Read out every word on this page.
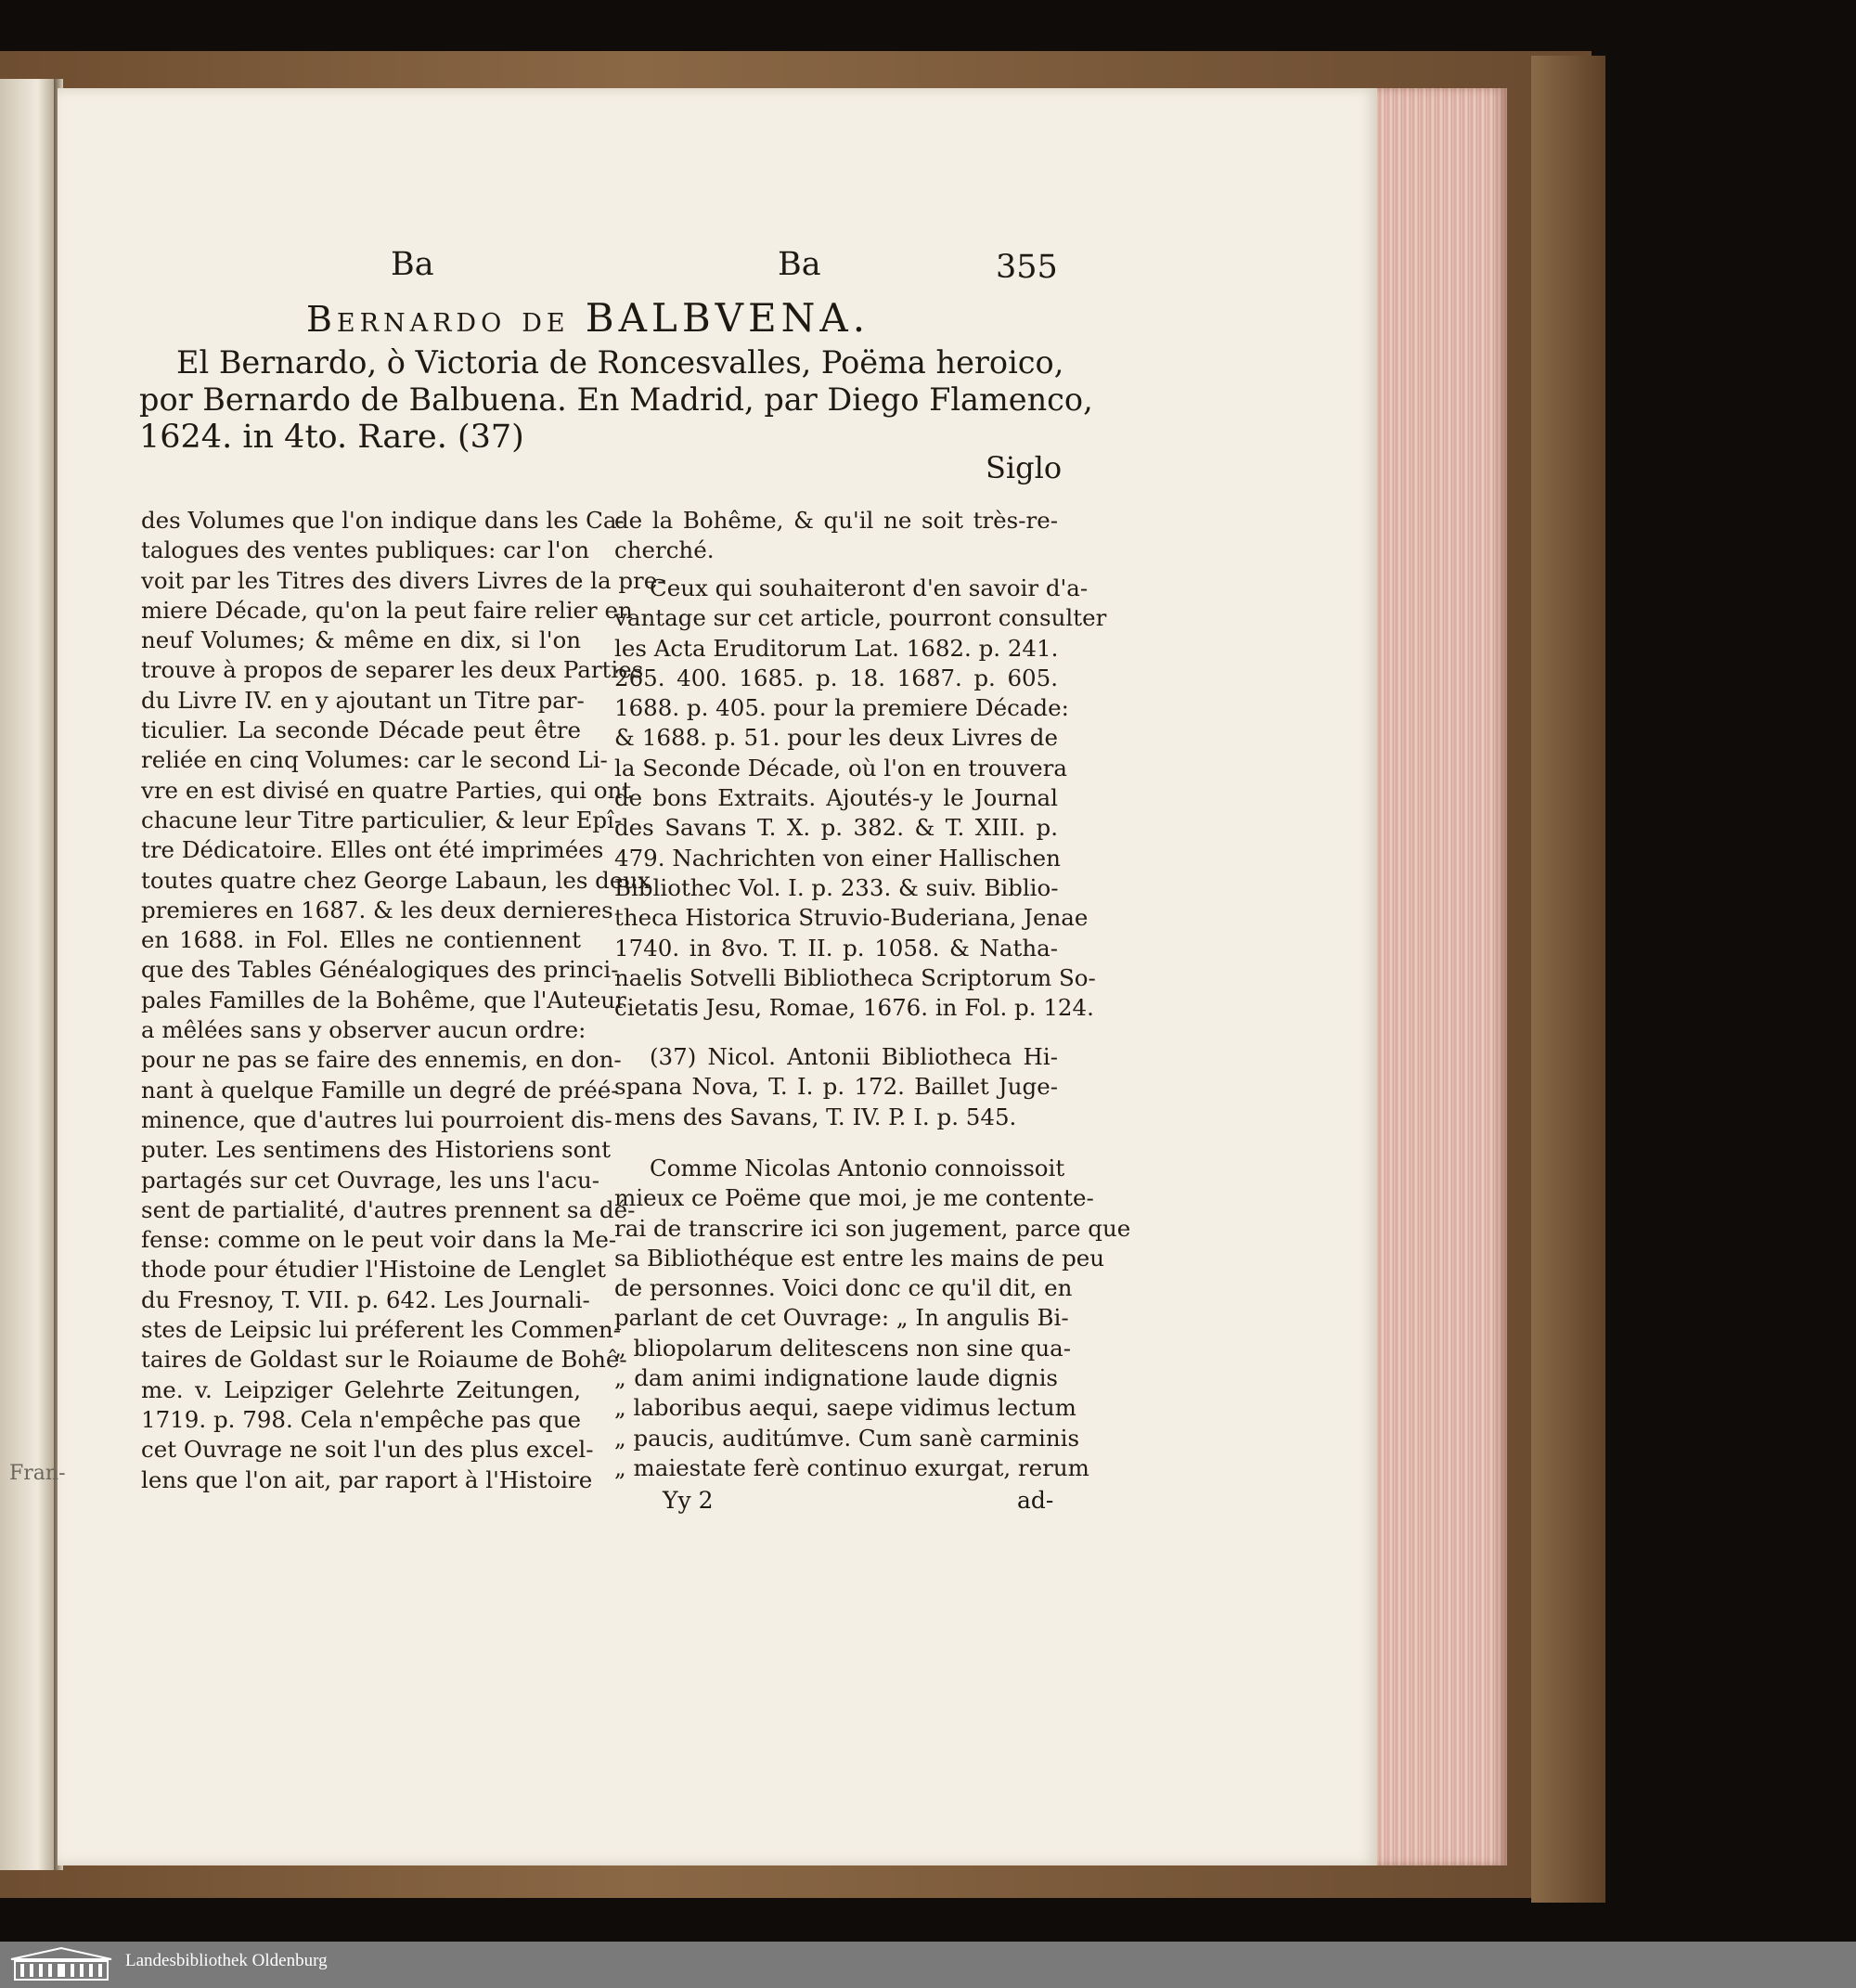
Fran-
Ba	Ba	355
Bernardo de BALBVENA.
El Bernardo, ò Victoria de Roncesvalles, Poëma heroico,
por Bernardo de Balbuena. En Madrid, par Diego Flamenco,
1624. in 4to. Rare. (37)
Siglo
des Volumes que l'on indique dans les Ca-
talogues des ventes publiques: car l'on
voit par les Titres des divers Livres de la pre-
miere Décade, qu'on la peut faire relier en
neuf Volumes; & même en dix, si l'on
trouve à propos de separer les deux Parties
du Livre IV. en y ajoutant un Titre par-
ticulier. La seconde Décade peut être
reliée en cinq Volumes: car le second Li-
vre en est divisé en quatre Parties, qui ont
chacune leur Titre particulier, & leur Epî-
tre Dédicatoire. Elles ont été imprimées
toutes quatre chez George Labaun, les deux
premieres en 1687. & les deux dernieres
en 1688. in Fol. Elles ne contiennent
que des Tables Généalogiques des princi-
pales Familles de la Bohême, que l'Auteur
a mêlées sans y observer aucun ordre:
pour ne pas se faire des ennemis, en don-
nant à quelque Famille un degré de préé-
minence, que d'autres lui pourroient dis-
puter. Les sentimens des Historiens sont
partagés sur cet Ouvrage, les uns l'acu-
sent de partialité, d'autres prennent sa dé-
fense: comme on le peut voir dans la Me-
thode pour étudier l'Histoine de Lenglet
du Fresnoy, T. VII. p. 642. Les Journali-
stes de Leipsic lui préferent les Commen-
taires de Goldast sur le Roiaume de Bohê-
me. v. Leipziger Gelehrte Zeitungen,
1719. p. 798. Cela n'empêche pas que
cet Ouvrage ne soit l'un des plus excel-
lens que l'on ait, par raport à l'Histoire
de la Bohême, & qu'il ne soit très-re-
cherché.
Ceux qui souhaiteront d'en savoir d'a-
vantage sur cet article, pourront consulter
les Acta Eruditorum Lat. 1682. p. 241.
265. 400. 1685. p. 18. 1687. p. 605.
1688. p. 405. pour la premiere Décade:
& 1688. p. 51. pour les deux Livres de
la Seconde Décade, où l'on en trouvera
de bons Extraits. Ajoutés-y le Journal
des Savans T. X. p. 382. & T. XIII. p.
479. Nachrichten von einer Hallischen
Bibliothec Vol. I. p. 233. & suiv. Biblio-
theca Historica Struvio-Buderiana, Jenae
1740. in 8vo. T. II. p. 1058. & Natha-
naelis Sotvelli Bibliotheca Scriptorum So-
cietatis Jesu, Romae, 1676. in Fol. p. 124.
(37) Nicol. Antonii Bibliotheca Hi-
spana Nova, T. I. p. 172. Baillet Juge-
mens des Savans, T. IV. P. I. p. 545.
Comme Nicolas Antonio connoissoit
mieux ce Poëme que moi, je me contente-
rai de transcrire ici son jugement, parce que
sa Bibliothéque est entre les mains de peu
de personnes. Voici donc ce qu'il dit, en
parlant de cet Ouvrage: „ In angulis Bi-
„ bliopolarum delitescens non sine qua-
„ dam animi indignatione laude dignis
„ laboribus aequi, saepe vidimus lectum
„ paucis, auditúmve. Cum sanè carminis
„ maiestate ferè continuo exurgat, rerum
Yy 2	ad-
Landesbibliothek Oldenburg
